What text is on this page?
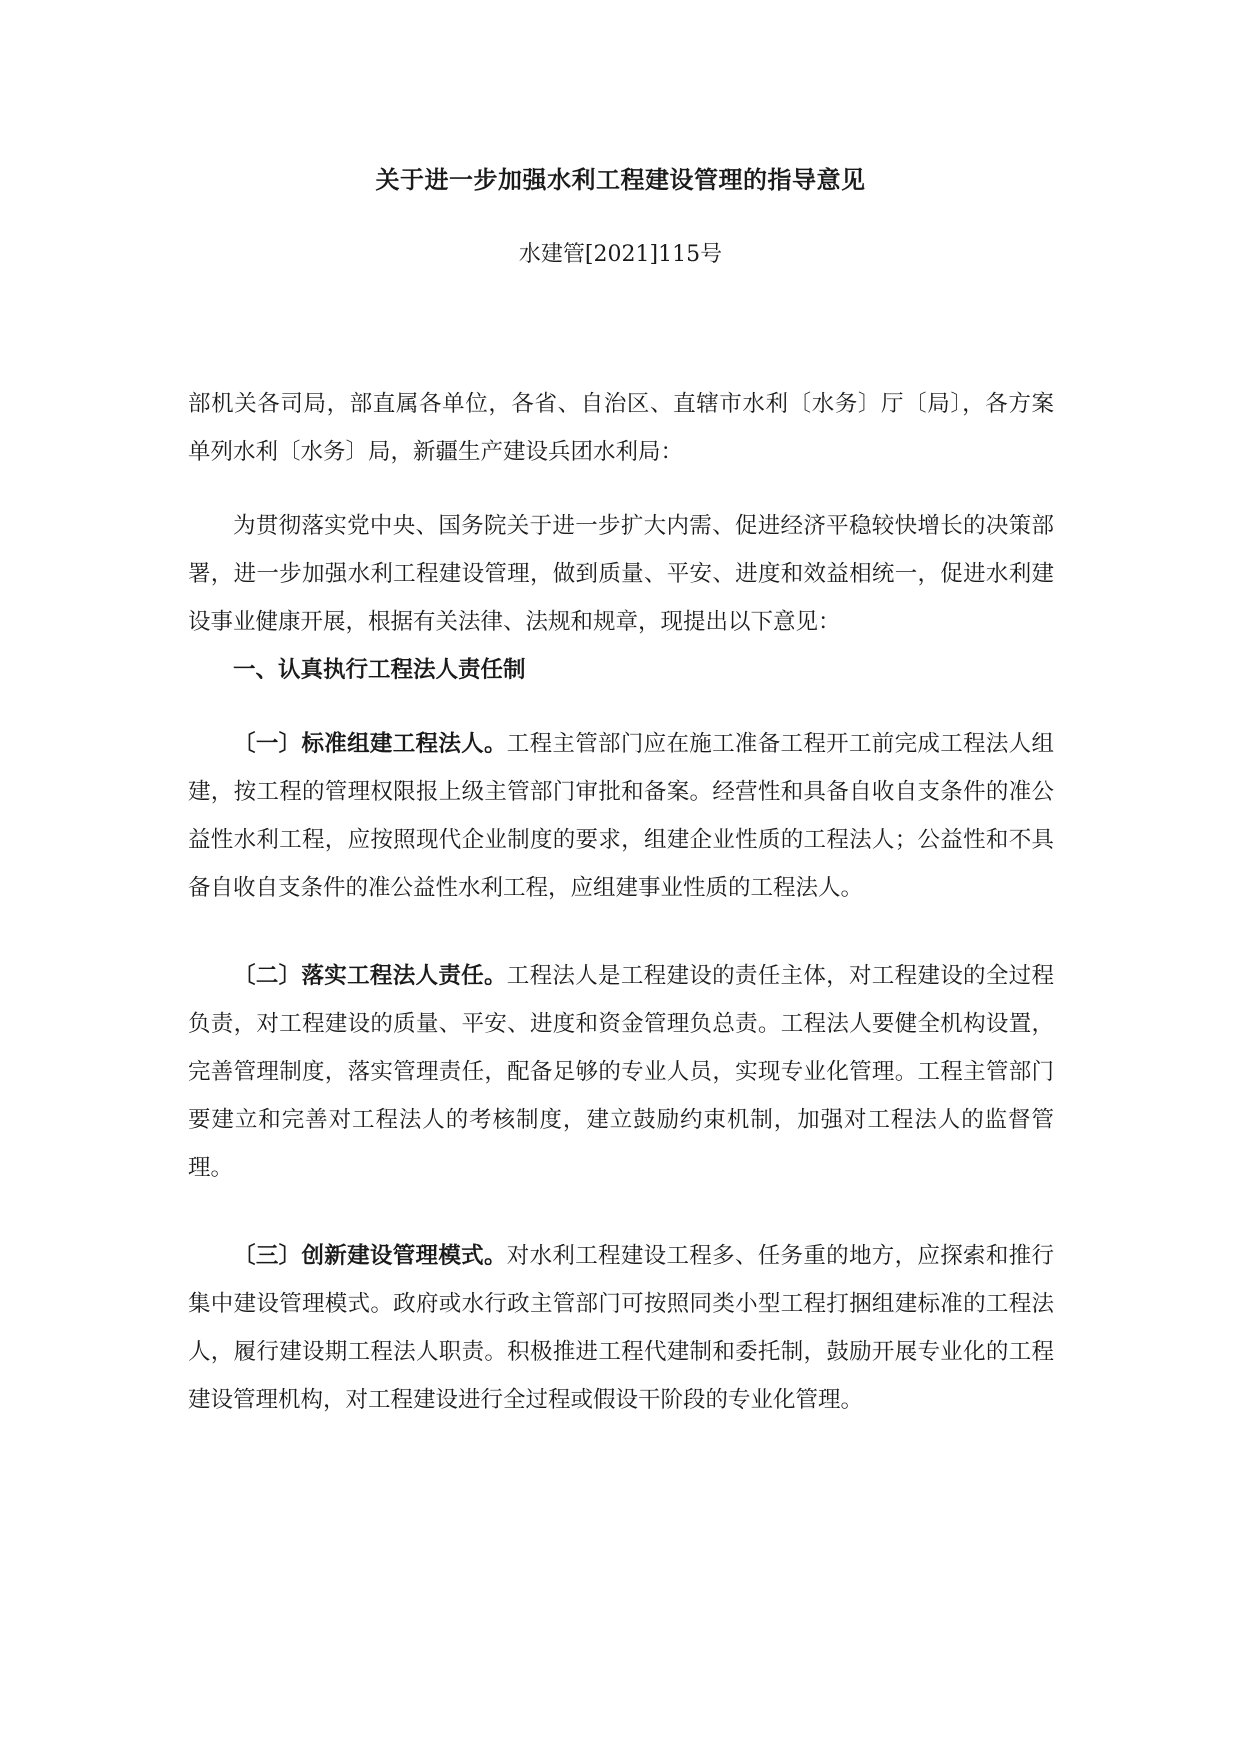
关于进一步加强水利工程建设管理的指导意见
水建管[2021]115号

部机关各司局，部直属各单位，各省、自治区、直辖市水利〔水务〕厅〔局〕，各方案单列水利〔水务〕局，新疆生产建设兵团水利局：

为贯彻落实党中央、国务院关于进一步扩大内需、促进经济平稳较快增长的决策部署，进一步加强水利工程建设管理，做到质量、平安、进度和效益相统一，促进水利建设事业健康开展，根据有关法律、法规和规章，现提出以下意见：

一、认真执行工程法人责任制

〔一〕标准组建工程法人。工程主管部门应在施工准备工程开工前完成工程法人组建，按工程的管理权限报上级主管部门审批和备案。经营性和具备自收自支条件的准公益性水利工程，应按照现代企业制度的要求，组建企业性质的工程法人；公益性和不具备自收自支条件的准公益性水利工程，应组建事业性质的工程法人。

〔二〕落实工程法人责任。工程法人是工程建设的责任主体，对工程建设的全过程负责，对工程建设的质量、平安、进度和资金管理负总责。工程法人要健全机构设置，完善管理制度，落实管理责任，配备足够的专业人员，实现专业化管理。工程主管部门要建立和完善对工程法人的考核制度，建立鼓励约束机制，加强对工程法人的监督管理。

〔三〕创新建设管理模式。对水利工程建设工程多、任务重的地方，应探索和推行集中建设管理模式。政府或水行政主管部门可按照同类小型工程打捆组建标准的工程法人，履行建设期工程法人职责。积极推进工程代建制和委托制，鼓励开展专业化的工程建设管理机构，对工程建设进行全过程或假设干阶段的专业化管理。
